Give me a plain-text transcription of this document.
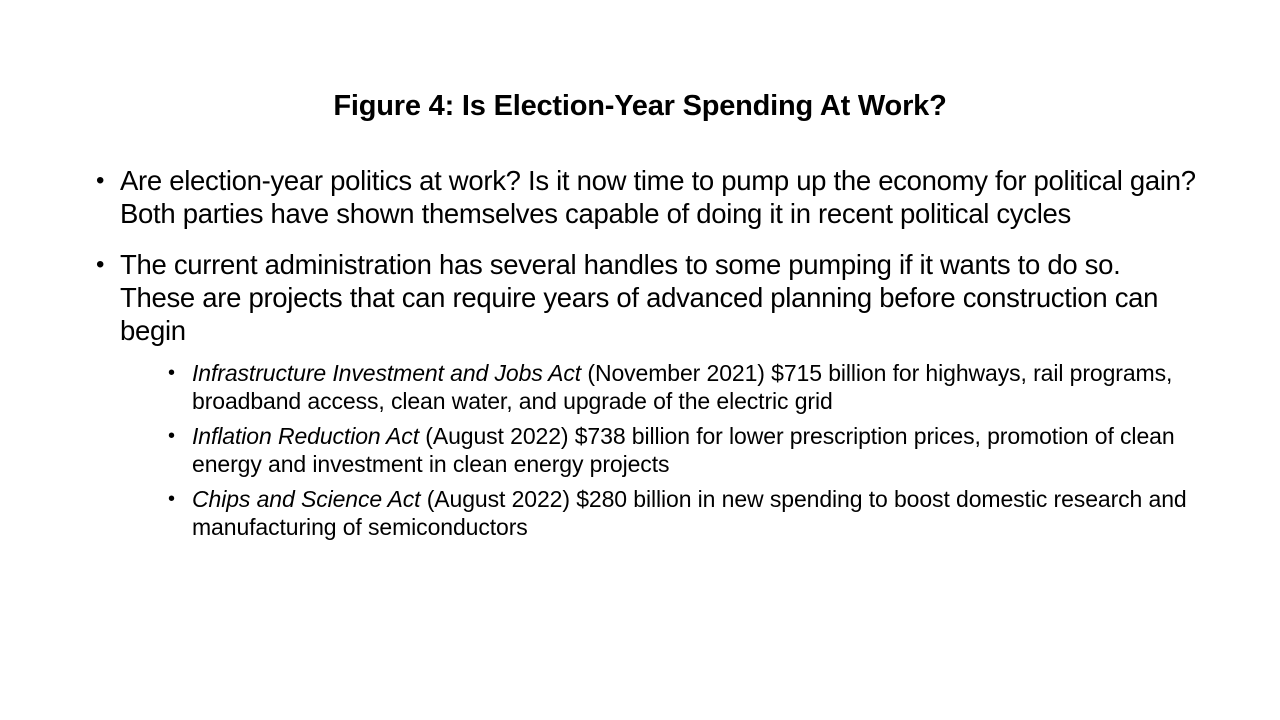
Figure 4: Is Election-Year Spending At Work?
• Are election-year politics at work? Is it now time to pump up the economy for political gain? Both parties have shown themselves capable of doing it in recent political cycles
• The current administration has several handles to some pumping if it wants to do so. These are projects that can require years of advanced planning before construction can begin
• Infrastructure Investment and Jobs Act (November 2021) $715 billion for highways, rail programs, broadband access, clean water, and upgrade of the electric grid
• Inflation Reduction Act (August 2022) $738 billion for lower prescription prices, promotion of clean energy and investment in clean energy projects
• Chips and Science Act (August 2022) $280 billion in new spending to boost domestic research and manufacturing of semiconductors
